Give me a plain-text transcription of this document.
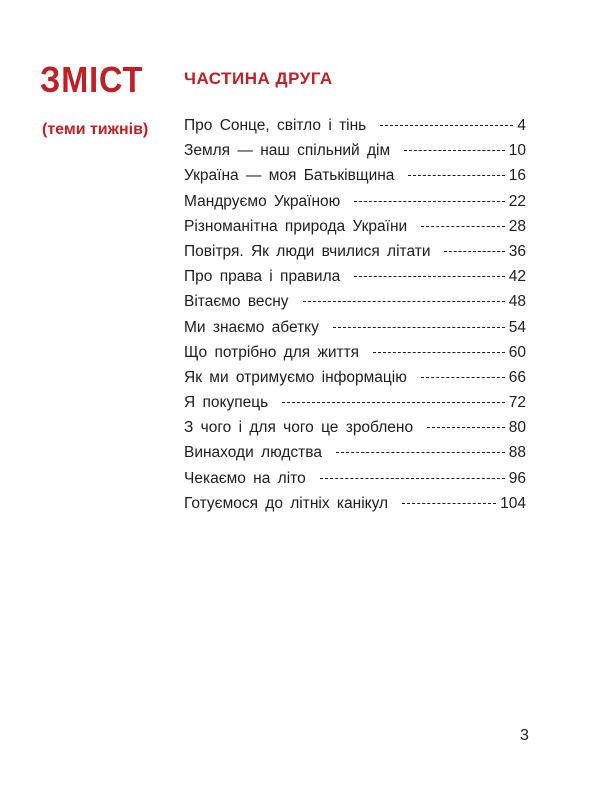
ЗМІСТ
(теми тижнів)
ЧАСТИНА ДРУГА
Про Сонце, світло і тінь	4
Земля — наш спільний дім	10
Україна — моя Батьківщина	16
Мандруємо Україною	22
Різноманітна природа України	28
Повітря. Як люди вчилися літати	36
Про права і правила	42
Вітаємо весну	48
Ми знаємо абетку	54
Що потрібно для життя	60
Як ми отримуємо інформацію	66
Я покупець	72
З чого і для чого це зроблено	80
Винаходи людства	88
Чекаємо на літо	96
Готуємося до літніх канікул	104
3
